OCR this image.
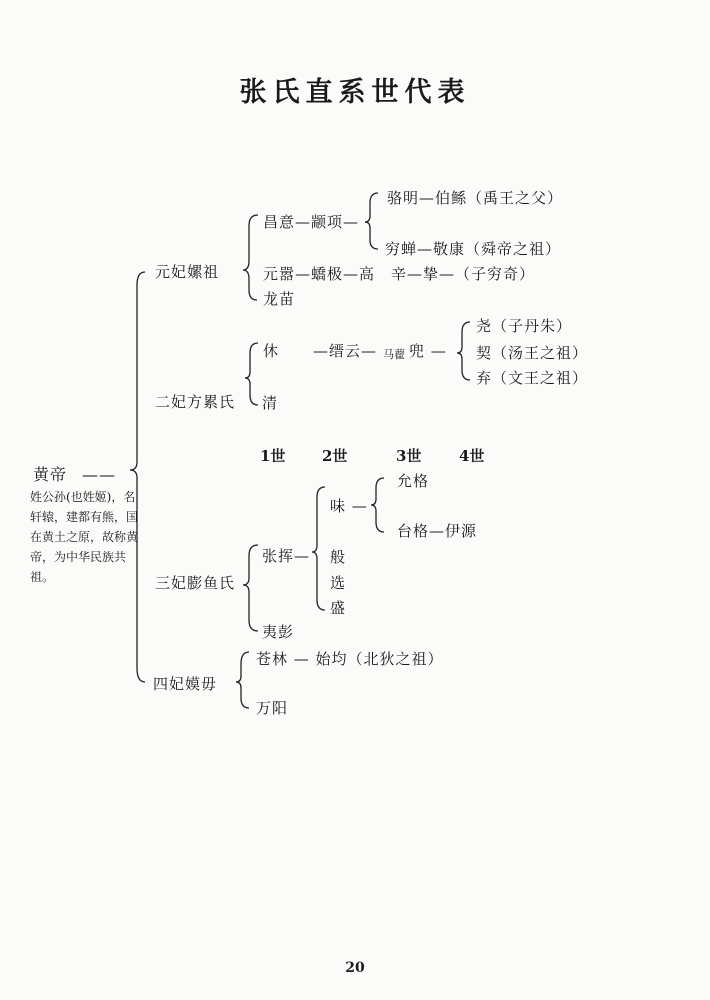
张氏直系世代表
黄帝 ——
姓公孙(也姓姬)，名轩辕，建都有熊，国在黄土之原，故称黄帝，为中华民族共祖。
元妃嫘祖
二妃方累氏
三妃膨鱼氏
四妃嫫毋
昌意—颛项—
骆明—伯鲧（禹王之父）
穷蝉—敬康（舜帝之祖）
元嚣—蟜极—高　辛—挚—（子穷奇）
龙苗
休 —缙云— 马藋 兜 —
尧（子丹朱）
契（汤王之祖）
弃（文王之祖）
清
1世 2世	3世	4世
张挥—
味 —
允格
台格—伊源
般
选
盛
夷彭
苍林 — 始均（北狄之祖）
万阳
20
